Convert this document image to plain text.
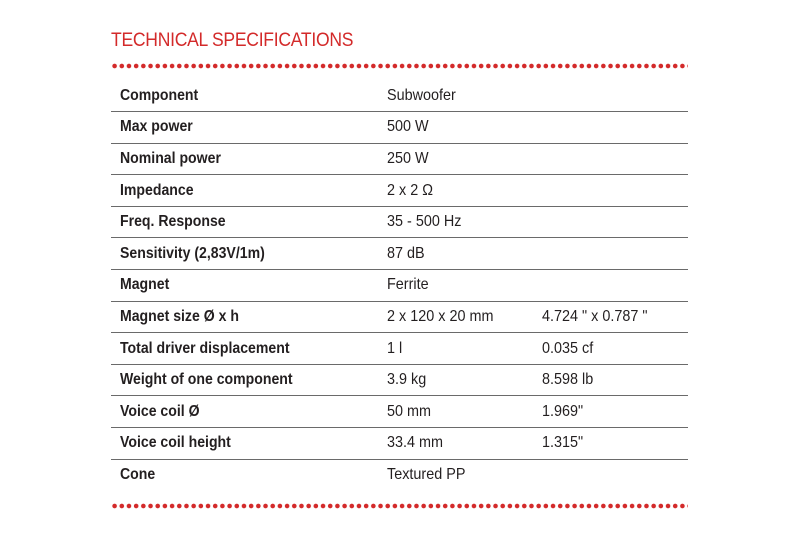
TECHNICAL SPECIFICATIONS
Component	Subwoofer	
Max power	500 W	
Nominal power	250 W	
Impedance	2 x 2 Ω	
Freq. Response	35 - 500 Hz	
Sensitivity (2,83V/1m)	87 dB	
Magnet	Ferrite	
Magnet size Ø x h	2 x 120 x 20 mm	4.724 ʺ x 0.787 ʺ
Total driver displacement	1 l	0.035 cf
Weight of one component	3.9 kg	8.598 lb
Voice coil Ø	50 mm	1.969ʺ
Voice coil height	33.4 mm	1.315ʺ
Cone	Textured PP	
